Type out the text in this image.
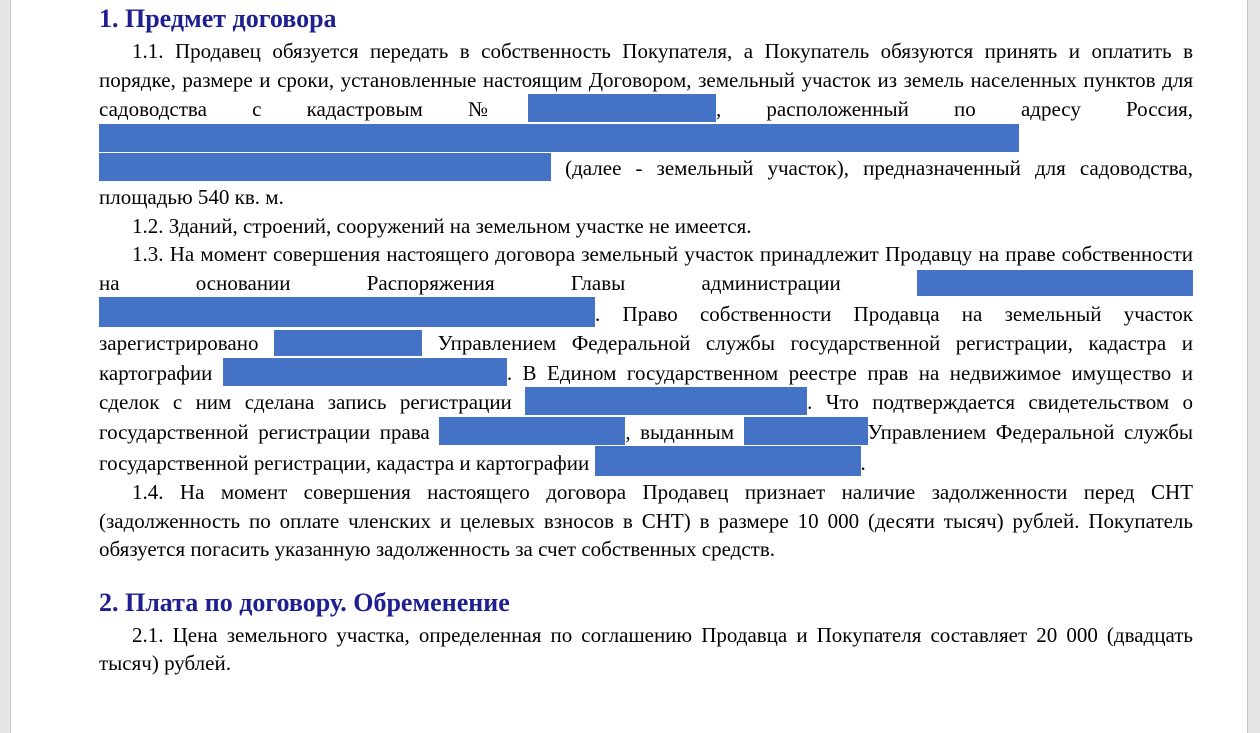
1. Предмет договора

1.1. Продавец обязуется передать в собственность Покупателя, а Покупатель обязуются принять и оплатить в порядке, размере и сроки, установленные настоящим Договором, земельный участок из земель населенных пунктов для садоводства с кадастровым №	, расположенный по адресу Россия,   (далее - земельный участок), предназначенный для садоводства, площадью 540 кв. м.

1.2. Зданий, строений, сооружений на земельном участке не имеется.

1.3. На момент совершения настоящего договора земельный участок принадлежит Продавцу на праве собственности на основании Распоряжения Главы администрации  . Право собственности Продавца на земельный участок зарегистрировано	Управлением Федеральной службы государственной регистрации, кадастра и картографии	. В Едином государственном реестре прав на недвижимое имущество и сделок с ним сделана запись регистрации	. Что подтверждается свидетельством о государственной регистрации права	, выданным	Управлением Федеральной службы государственной регистрации, кадастра и картографии	.

1.4. На момент совершения настоящего договора Продавец признает наличие задолженности перед СНТ (задолженность по оплате членских и целевых взносов в СНТ) в размере 10 000 (десяти тысяч) рублей. Покупатель обязуется погасить указанную задолженность за счет собственных средств.

2. Плата по договору. Обременение

2.1. Цена земельного участка, определенная по соглашению Продавца и Покупателя составляет 20 000 (двадцать тысяч) рублей.
